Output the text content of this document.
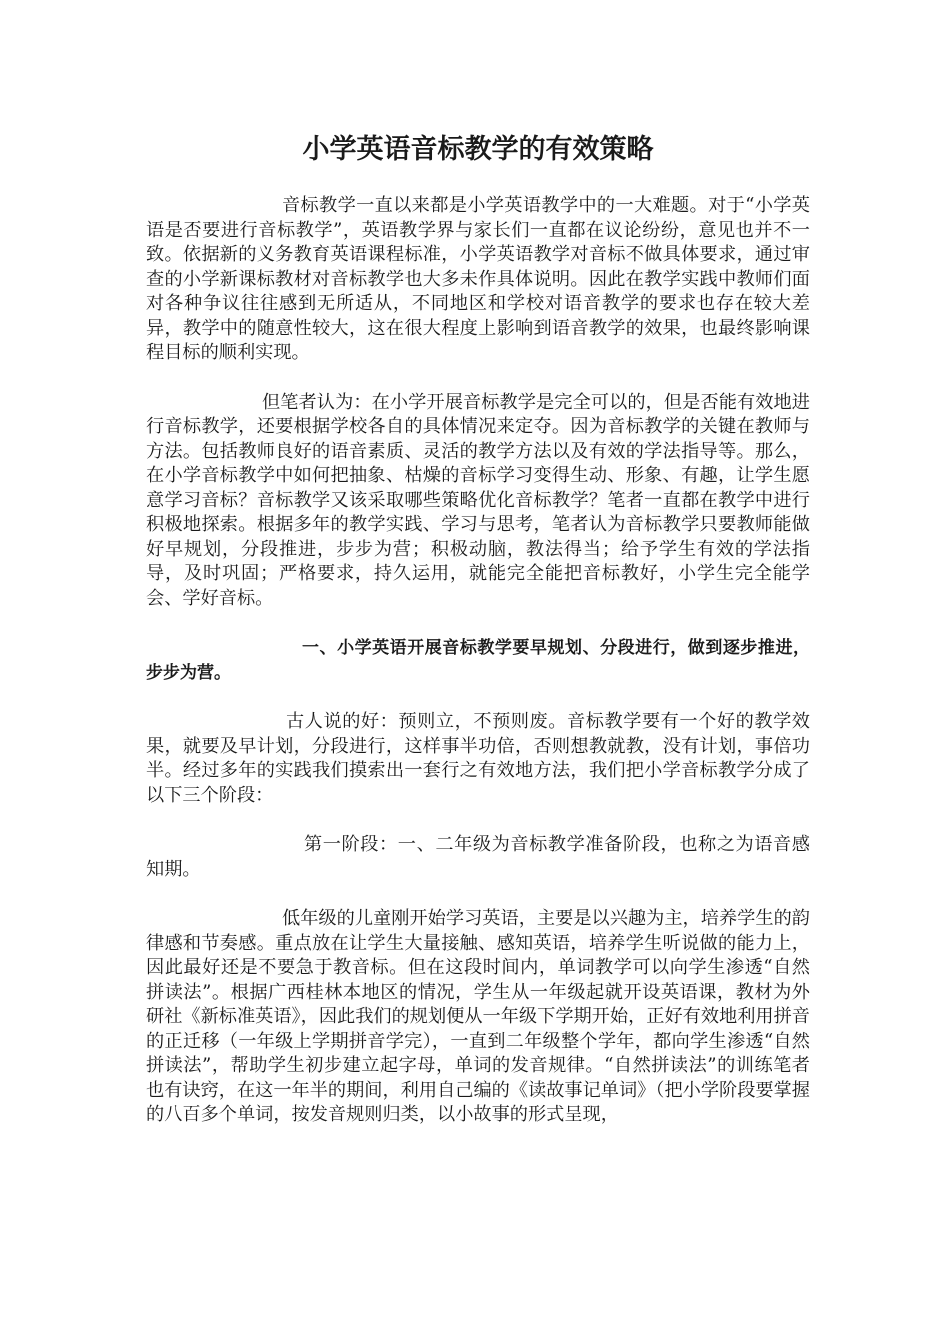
小学英语音标教学的有效策略

音标教学一直以来都是小学英语教学中的一大难题。对于“小学英语是否要进行音标教学”，英语教学界与家长们一直都在议论纷纷，意见也并不一致。依据新的义务教育英语课程标准，小学英语教学对音标不做具体要求，通过审查的小学新课标教材对音标教学也大多未作具体说明。因此在教学实践中教师们面对各种争议往往感到无所适从，不同地区和学校对语音教学的要求也存在较大差异，教学中的随意性较大，这在很大程度上影响到语音教学的效果，也最终影响课程目标的顺利实现。

但笔者认为：在小学开展音标教学是完全可以的，但是否能有效地进行音标教学，还要根据学校各自的具体情况来定夺。因为音标教学的关键在教师与方法。包括教师良好的语音素质、灵活的教学方法以及有效的学法指导等。那么，在小学音标教学中如何把抽象、枯燥的音标学习变得生动、形象、有趣，让学生愿意学习音标？音标教学又该采取哪些策略优化音标教学？笔者一直都在教学中进行积极地探索。根据多年的教学实践、学习与思考，笔者认为音标教学只要教师能做好早规划，分段推进，步步为营；积极动脑，教法得当；给予学生有效的学法指导，及时巩固；严格要求，持久运用，就能完全能把音标教好，小学生完全能学会、学好音标。

一、小学英语开展音标教学要早规划、分段进行，做到逐步推进，步步为营。

古人说的好：预则立，不预则废。音标教学要有一个好的教学效果，就要及早计划，分段进行，这样事半功倍，否则想教就教，没有计划，事倍功半。经过多年的实践我们摸索出一套行之有效地方法，我们把小学音标教学分成了以下三个阶段：

第一阶段：一、二年级为音标教学准备阶段，也称之为语音感知期。

低年级的儿童刚开始学习英语，主要是以兴趣为主，培养学生的韵律感和节奏感。重点放在让学生大量接触、感知英语，培养学生听说做的能力上，因此最好还是不要急于教音标。但在这段时间内，单词教学可以向学生渗透“自然拼读法”。根据广西桂林本地区的情况，学生从一年级起就开设英语课，教材为外研社《新标准英语》，因此我们的规划便从一年级下学期开始，正好有效地利用拼音的正迁移（一年级上学期拼音学完），一直到二年级整个学年，都向学生渗透“自然拼读法”，帮助学生初步建立起字母，单词的发音规律。“自然拼读法”的训练笔者也有诀窍，在这一年半的期间，利用自己编的《读故事记单词》（把小学阶段要掌握的八百多个单词，按发音规则归类，以小故事的形式呈现，
